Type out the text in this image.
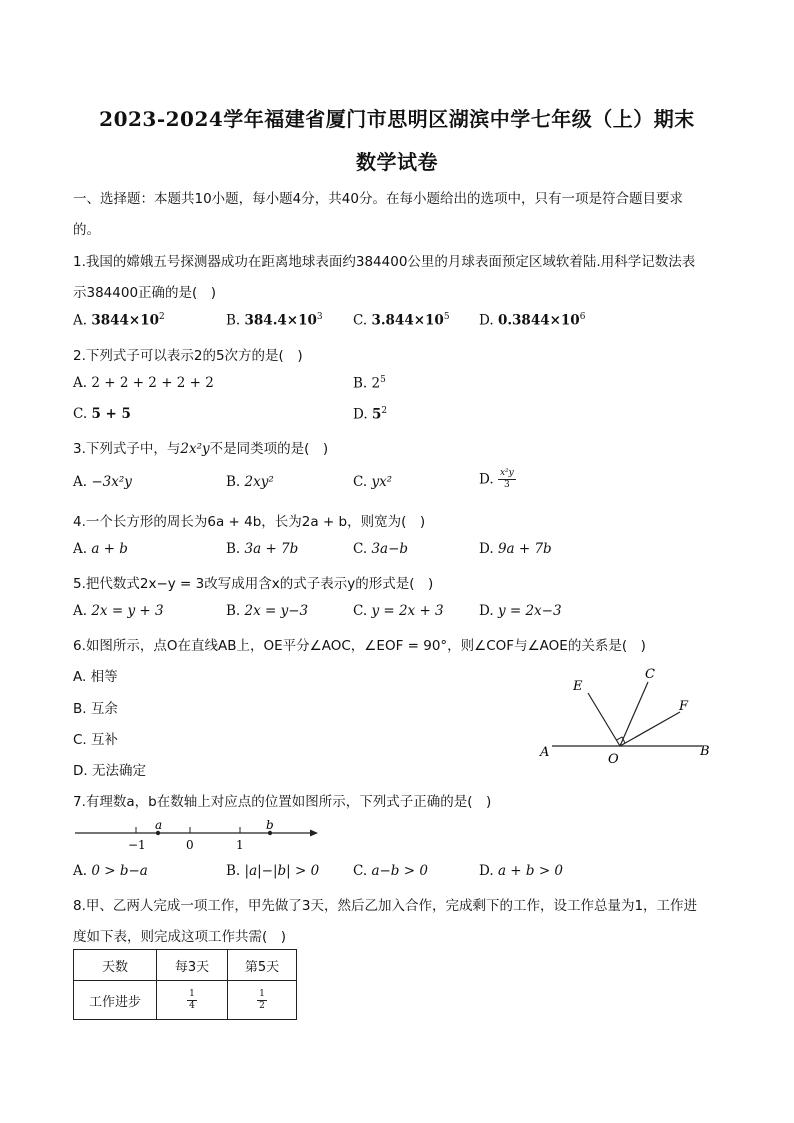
2023-2024学年福建省厦门市思明区湖滨中学七年级（上）期末
数学试卷
一、选择题：本题共10小题，每小题4分，共40分。在每小题给出的选项中，只有一项是符合题目要求
的。
1.我国的嫦娥五号探测器成功在距离地球表面约384400公里的月球表面预定区域软着陆.用科学记数法表
示384400正确的是(　)
A. $3844\times 10^2$	B. $384.4\times 10^3$ C. $3.844\times 10^5$ D. $0.3844\times 10^6$
2.下列式子可以表示2的5次方的是(　)
A. 2 + 2 + 2 + 2 + 2	B. $2^5$
C. 5 + 5	D. $5^2$
3.下列式子中，与2x²y不是同类项的是(　)
A. −3x²y	B. 2xy²	C. yx²	D. $\frac{\text{x²y}}{3}$
4.一个长方形的周长为6a + 4b，长为2a + b，则宽为(　)
A. a + b	B. 3a + 7b	C. 3a−b	D. 9a + 7b
5.把代数式2x−y = 3改写成用含x的式子表示y的形式是(　)
A. 2x = y + 3	B. 2x = y−3	C. y = 2x + 3	D. y = 2x−3
6.如图所示，点O在直线AB上，OE平分∠AOC，∠EOF = 90°，则∠COF与∠AOE的关系是(　)
A. 相等
B. 互余
C. 互补
D. 无法确定
A	B
O
E
C
F
7.有理数a，b在数轴上对应点的位置如图所示，下列式子正确的是(　)
−1	0	1
a	b
A. 0 > b−a	B. |a|−|b| > 0	C. a−b > 0	D. a + b > 0
8.甲、乙两人完成一项工作，甲先做了3天，然后乙加入合作，完成剩下的工作，设工作总量为1，工作进
度如下表，则完成这项工作共需(　)
天数	每3天	第5天
工作进步	$\frac{1}{4}$	$\frac{1}{2}$
